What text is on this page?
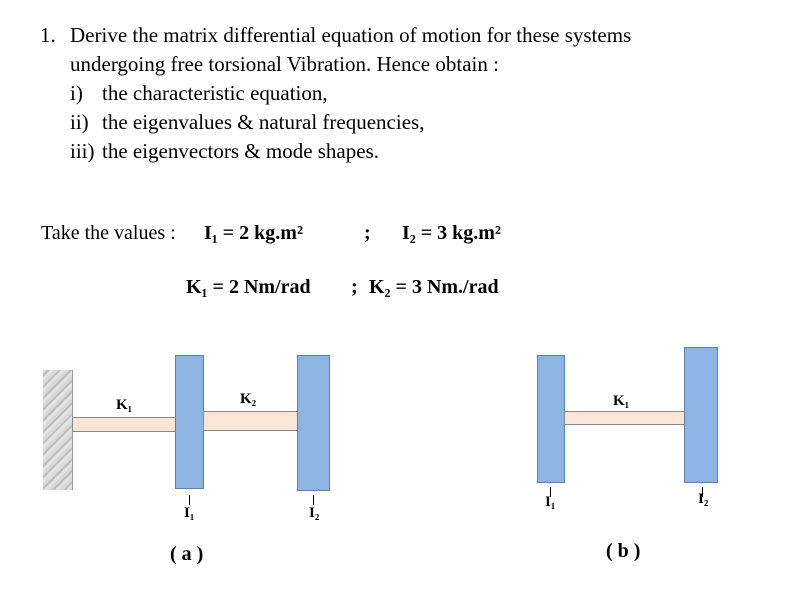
1. Derive the matrix differential equation of motion for these systems
undergoing free torsional Vibration. Hence obtain :
i) the characteristic equation,
ii) the eigenvalues & natural frequencies,
iii) the eigenvectors & mode shapes.
Take the values : I₁ = 2 kg.m²	; I₂ = 3 kg.m²
K₁ = 2 Nm/rad ; K₂ = 3 Nm./rad
K₁	K₂
I₁	I₂
( a )
K₁
I₁	I₂
( b )
